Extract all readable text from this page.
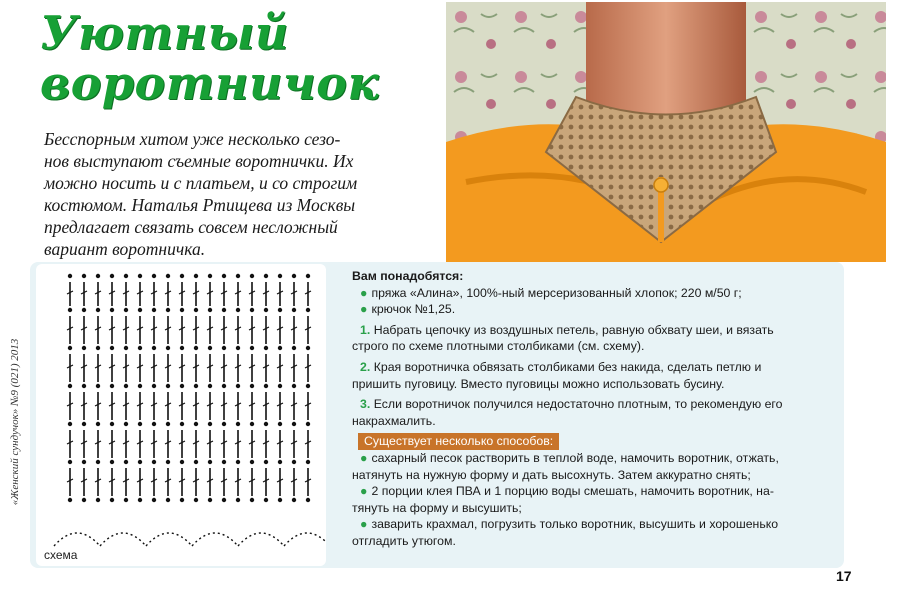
«Женский сундучок» №9 (021) 2013
Уютный
воротничок

Бесспорным хитом уже несколько сезо-
нов выступают съемные воротнички. Их
можно носить и с платьем, и со строгим
костюмом. Наталья Ртищева из Москвы
предлагает связать совсем несложный
вариант воротничка.

схема

Вам понадобятся:

● пряжа «Алина», 100%-ный мерсеризованный хлопок; 220 м/50 г;

● крючок №1,25.

1. Набрать цепочку из воздушных петель, равную обхвату шеи, и вязать

строго по схеме плотными столбиками (см. схему).

2. Края воротничка обвязать столбиками без накида, сделать петлю и

пришить пуговицу. Вместо пуговицы можно использовать бусину.

3. Если воротничок получился недостаточно плотным, то рекомендую его

накрахмалить.

Существует несколько способов:

● сахарный песок растворить в теплой воде, намочить воротник, отжать,

натянуть на нужную форму и дать высохнуть. Затем аккуратно снять;

● 2 порции клея ПВА и 1 порцию воды смешать, намочить воротник, на-

тянуть на форму и высушить;

● заварить крахмал, погрузить только воротник, высушить и хорошенько

отгладить утюгом.

17
